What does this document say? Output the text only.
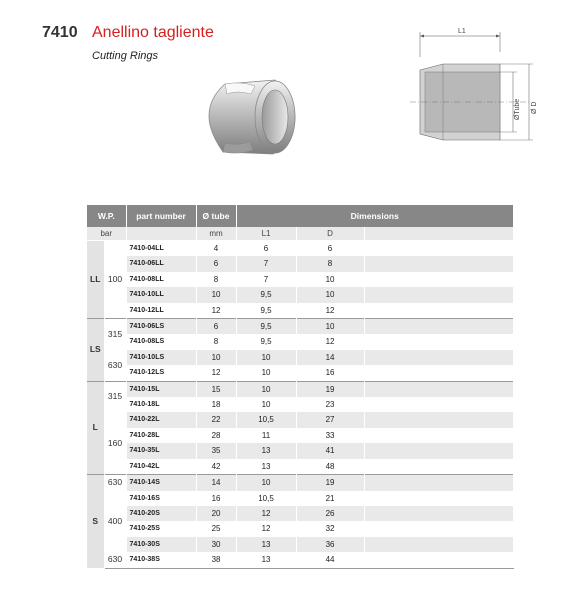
7410 Anellino tagliente
Cutting Rings
L1
ØTube Ø D
W.P.		part number	Ø tube	Dimensions		
bar			mm	L1	D	
LL	100	7410-04LL	4	6	6	
		7410-06LL	6	7	8	
		7410-08LL	8	7	10	
		7410-10LL	10	9,5	10	
		7410-12LL	12	9,5	12	
LS	315	7410-06LS	6	9,5	10	
		7410-08LS	8	9,5	12	
	630	7410-10LS	10	10	14	
		7410-12LS	12	10	16	
L	315	7410-15L	15	10	19	
		7410-18L	18	10	23	
	160	7410-22L	22	10,5	27	
		7410-28L	28	11	33	
		7410-35L	35	13	41	
		7410-42L	42	13	48	
S	630	7410-14S	14	10	19	
	400	7410-16S	16	10,5	21	
		7410-20S	20	12	26	
		7410-25S	25	12	32	
		7410-30S	30	13	36	
	630	7410-38S	38	13	44	
